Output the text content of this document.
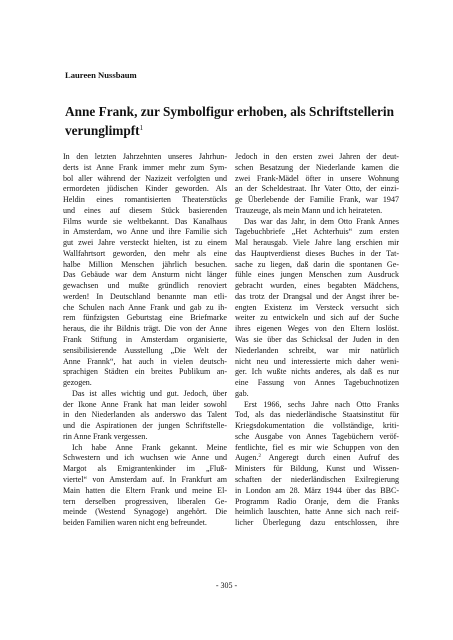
Laureen Nussbaum
Anne Frank, zur Symbolfigur erhoben, als Schriftstellerin
verunglimpft$^1$
In den letzten Jahrzehnten unseres Jahrhun-
derts ist Anne Frank immer mehr zum Sym-
bol aller während der Nazizeit verfolgten und
ermordeten jüdischen Kinder geworden. Als
Heldin eines romantisierten Theaterstücks
und eines auf diesem Stück basierenden
Films wurde sie weltbekannt. Das Kanalhaus
in Amsterdam, wo Anne und ihre Familie sich
gut zwei Jahre versteckt hielten, ist zu einem
Wallfahrtsort geworden, den mehr als eine
halbe Million Menschen jährlich besuchen.
Das Gebäude war dem Ansturm nicht länger
gewachsen und mußte gründlich renoviert
werden! In Deutschland benannte man etli-
che Schulen nach Anne Frank und gab zu ih-
rem fünfzigsten Geburtstag eine Briefmarke
heraus, die ihr Bildnis trägt. Die von der Anne
Frank Stiftung in Amsterdam organisierte,
sensibilisierende Ausstellung „Die Welt der
Anne Frannk“, hat auch in vielen deutsch-
sprachigen Städten ein breites Publikum an-
gezogen.
Das ist alles wichtig und gut. Jedoch, über
der Ikone Anne Frank hat man leider sowohl
in den Niederlanden als anderswo das Talent
und die Aspirationen der jungen Schriftstelle-
rin Anne Frank vergessen.
Ich habe Anne Frank gekannt. Meine
Schwestern und ich wuchsen wie Anne und
Margot als Emigrantenkinder im „Fluß-
viertel“ von Amsterdam auf. In Frankfurt am
Main hatten die Eltern Frank und meine El-
tern derselben progressiven, liberalen Ge-
meinde (Westend Synagoge) angehört. Die
beiden Familien waren nicht eng befreundet.
Jedoch in den ersten zwei Jahren der deut-
schen Besatzung der Niederlande kamen die
zwei Frank-Mädel öfter in unsere Wohnung
an der Scheldestraat. Ihr Vater Otto, der einzi-
ge Überlebende der Familie Frank, war 1947
Trauzeuge, als mein Mann und ich heirateten.
Das war das Jahr, in dem Otto Frank Annes
Tagebuchbriefe „Het Achterhuis“ zum ersten
Mal herausgab. Viele Jahre lang erschien mir
das Hauptverdienst dieses Buches in der Tat-
sache zu liegen, daß darin die spontanen Ge-
fühle eines jungen Menschen zum Ausdruck
gebracht wurden, eines begabten Mädchens,
das trotz der Drangsal und der Angst ihrer be-
engten Existenz im Versteck versucht sich
weiter zu entwickeln und sich auf der Suche
ihres eigenen Weges von den Eltern loslöst.
Was sie über das Schicksal der Juden in den
Niederlanden schreibt, war mir natürlich
nicht neu und interessierte mich daher weni-
ger. Ich wußte nichts anderes, als daß es nur
eine Fassung von Annes Tagebuchnotizen
gab.
Erst 1966, sechs Jahre nach Otto Franks
Tod, als das niederländische Staatsinstitut für
Kriegsdokumentation die vollständige, kriti-
sche Ausgabe von Annes Tagebüchern veröf-
fentlichte, fiel es mir wie Schuppen von den
Augen.$^2$ Angeregt durch einen Aufruf des
Ministers für Bildung, Kunst und Wissen-
schaften der niederländischen Exilregierung
in London am 28. März 1944 über das BBC-
Programm Radio Oranje, dem die Franks
heimlich lauschten, hatte Anne sich nach reif-
licher Überlegung dazu entschlossen, ihre
- 305 -
